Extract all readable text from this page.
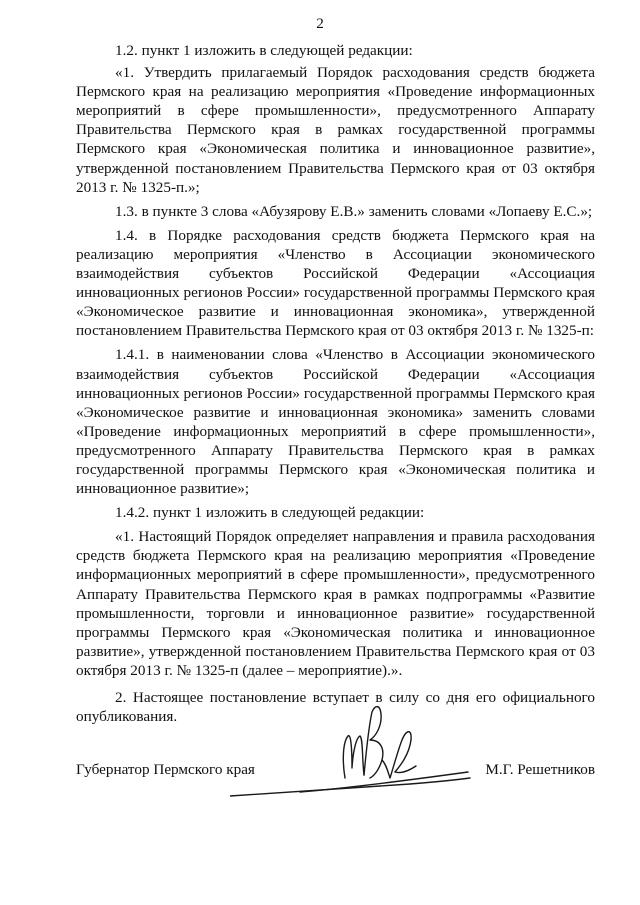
2

1.2. пункт 1 изложить в следующей редакции:

«1. Утвердить прилагаемый Порядок расходования средств бюджета Пермского края на реализацию мероприятия «Проведение информационных мероприятий в сфере промышленности», предусмотренного Аппарату Правительства Пермского края в рамках государственной программы Пермского края «Экономическая политика и инновационное развитие», утвержденной постановлением Правительства Пермского края от 03 октября 2013 г. № 1325-п.»;

1.3. в пункте 3 слова «Абузярову Е.В.» заменить словами «Лопаеву Е.С.»;

1.4. в Порядке расходования средств бюджета Пермского края на реализацию мероприятия «Членство в Ассоциации экономического взаимодействия субъектов Российской Федерации «Ассоциация инновационных регионов России» государственной программы Пермского края «Экономическое развитие и инновационная экономика», утвержденной постановлением Правительства Пермского края от 03 октября 2013 г. № 1325-п:

1.4.1. в наименовании слова «Членство в Ассоциации экономического взаимодействия субъектов Российской Федерации «Ассоциация инновационных регионов России» государственной программы Пермского края «Экономическое развитие и инновационная экономика» заменить словами «Проведение информационных мероприятий в сфере промышленности», предусмотренного Аппарату Правительства Пермского края в рамках государственной программы Пермского края «Экономическая политика и инновационное развитие»;

1.4.2. пункт 1 изложить в следующей редакции:

«1. Настоящий Порядок определяет направления и правила расходования средств бюджета Пермского края на реализацию мероприятия «Проведение информационных мероприятий в сфере промышленности», предусмотренного Аппарату Правительства Пермского края в рамках подпрограммы «Развитие промышленности, торговли и инновационное развитие» государственной программы Пермского края «Экономическая политика и инновационное развитие», утвержденной постановлением Правительства Пермского края от 03 октября 2013 г. № 1325-п (далее – мероприятие).».

2. Настоящее постановление вступает в силу со дня его официального опубликования.

Губернатор Пермского края	М.Г. Решетников
